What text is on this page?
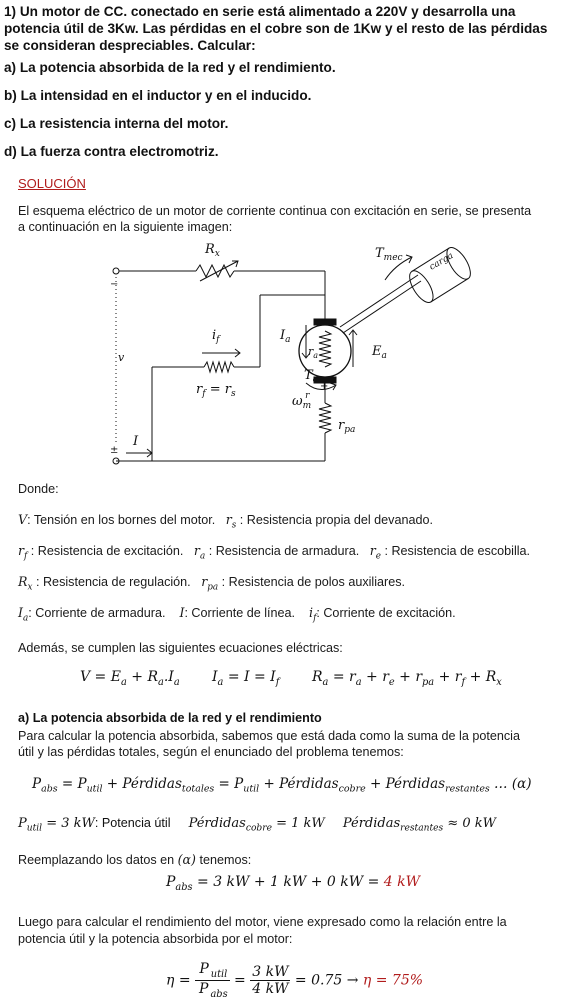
1) Un motor de CC. conectado en serie está alimentado a 220V y desarrolla una
potencia útil de 3Kw. Las pérdidas en el cobre son de 1Kw y el resto de las pérdidas
se consideran despreciables. Calcular:
a) La potencia absorbida de la red y el rendimiento.
b) La intensidad en el inductor y en el inducido.
c) La resistencia interna del motor.
d) La fuerza contra electromotriz.
SOLUCIÓN
El esquema eléctrico de un motor de corriente continua con excitación en serie, se presenta
a continuación en la siguiente imagen:
$R_x$	$T_{mec}$	carga
$i_f$	$I_a$
$r_a$	$E_a$
$r_f = r_s$
$T_e$
$\omega_mr$
$r_{pa}$
v
I
−
+
±
−
Donde:
V: Tensión en los bornes del motor. $r_s$ : Resistencia propia del devanado.
$r_f$ : Resistencia de excitación. $r_a$ : Resistencia de armadura. $r_e$ : Resistencia de escobilla.
$R_x$ : Resistencia de regulación. $r_{pa}$ : Resistencia de polos auxiliares.
$I_a$: Corriente de armadura. I: Corriente de línea. $i_f$: Corriente de excitación.
Además, se cumplen las siguientes ecuaciones eléctricas:
$V = E_a + R_a.I_a$ $I_a = I = I_f$ $R_a = r_a + r_e + r_{pa} + r_f + R_x$
a) La potencia absorbida de la red y el rendimiento
Para calcular la potencia absorbida, sabemos que está dada como la suma de la potencia
útil y las pérdidas totales, según el enunciado del problema tenemos:
$P_{abs} = P_{util}$ + Pérdidas$_{totales}$ = $P_{util}$ + Pérdidas$_{cobre}$ + Pérdidas$_{restantes}$ … (α)
$P_{util} = 3$ kW: Potencia útil Pérdidas$_{cobre}$ = 1 kW Pérdidas$_{restantes}$ ≈ 0 kW
Reemplazando los datos en (α) tenemos:
$P_{abs} = 3$ kW + 1 kW + 0 kW = 4 kW
Luego para calcular el rendimiento del motor, viene expresado como la relación entre la
potencia útil y la potencia absorbida por el motor:
$\eta = \frac{P _{util}}{P _{abs}} = \frac{3 kW}{4 kW} = 0.75 \to \eta = 75\%$
